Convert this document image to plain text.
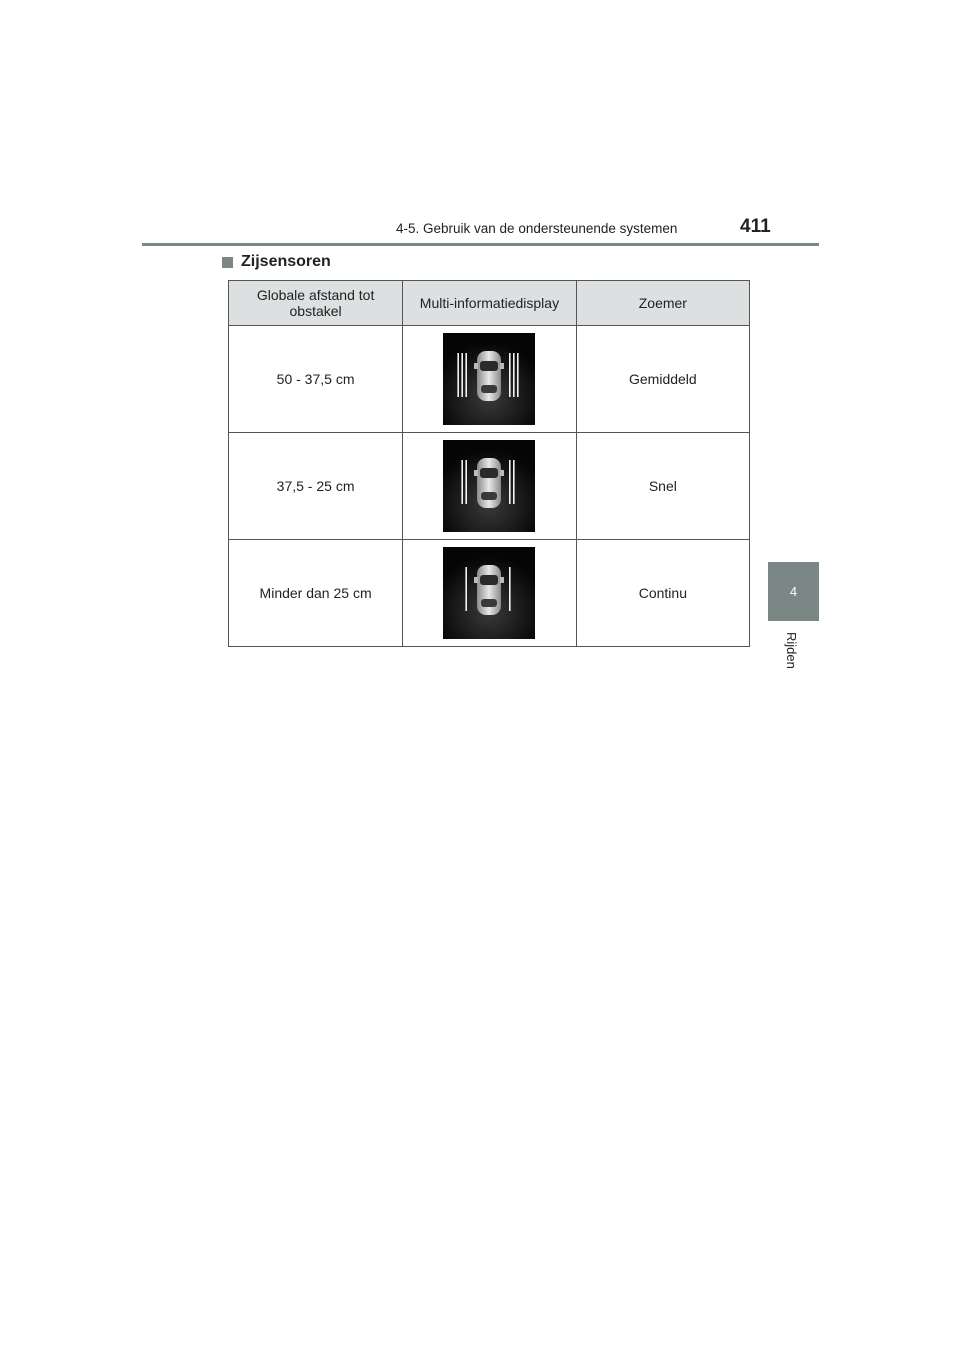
4-5. Gebruik van de ondersteunende systemen	411
Zijsensoren
Globale afstand tot obstakel	Multi-informatiedisplay	Zoemer
50 - 37,5 cm		Gemiddeld
37,5 - 25 cm		Snel
Minder dan 25 cm		Continu	4
Rijden
